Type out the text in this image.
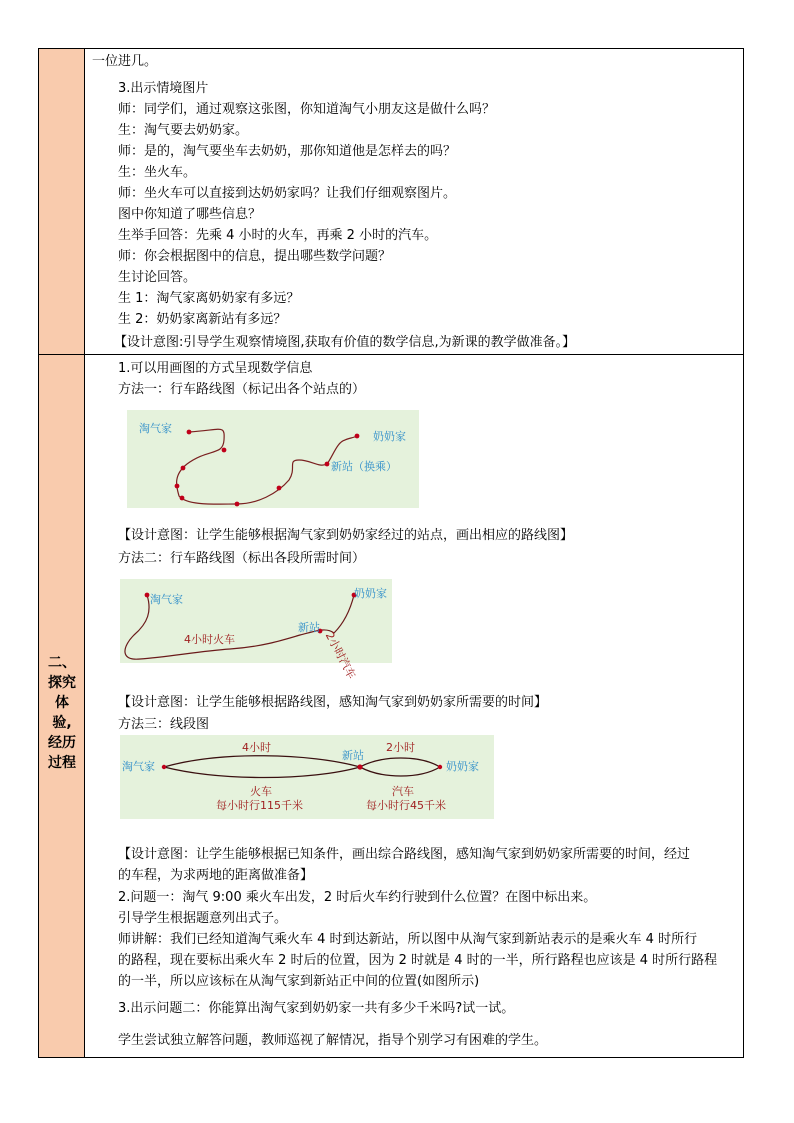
一位进几。
3.出示情境图片
师：同学们，通过观察这张图，你知道淘气小朋友这是做什么吗？
生：淘气要去奶奶家。
师：是的，淘气要坐车去奶奶，那你知道他是怎样去的吗？
生：坐火车。
师：坐火车可以直接到达奶奶家吗？让我们仔细观察图片。
图中你知道了哪些信息？
生举手回答：先乘 4 小时的火车，再乘 2 小时的汽车。
师：你会根据图中的信息，提出哪些数学问题？
生讨论回答。
生 1：淘气家离奶奶家有多远？
生 2：奶奶家离新站有多远？
【设计意图:引导学生观察情境图,获取有价值的数学信息,为新课的教学做准备。】
二、
探究
体
验,
经历
过程
1.可以用画图的方式呈现数学信息
方法一：行车路线图（标记出各个站点的）
淘气家
奶奶家
新站（换乘）
【设计意图：让学生能够根据淘气家到奶奶家经过的站点，画出相应的路线图】
方法二：行车路线图（标出各段所需时间）
淘气家	奶奶家
新站
4小时火车	2小时汽车
【设计意图：让学生能够根据路线图，感知淘气家到奶奶家所需要的时间】
方法三：线段图
淘气家	奶奶家
新站
4小时	2小时
火车
每小时行115千米
汽车
每小时行45千米
【设计意图：让学生能够根据已知条件，画出综合路线图，感知淘气家到奶奶家所需要的时间，经过
的车程，为求两地的距离做准备】
2.问题一：淘气 9:00 乘火车出发，2 时后火车约行驶到什么位置？在图中标出来。
引导学生根据题意列出式子。
师讲解：我们已经知道淘气乘火车 4 时到达新站，所以图中从淘气家到新站表示的是乘火车 4 时所行
的路程，现在要标出乘火车 2 时后的位置，因为 2 时就是 4 时的一半，所行路程也应该是 4 时所行路程
的一半，所以应该标在从淘气家到新站正中间的位置(如图所示)
3.出示问题二：你能算出淘气家到奶奶家一共有多少千米吗?试一试。
学生尝试独立解答问题，教师巡视了解情况，指导个别学习有困难的学生。
